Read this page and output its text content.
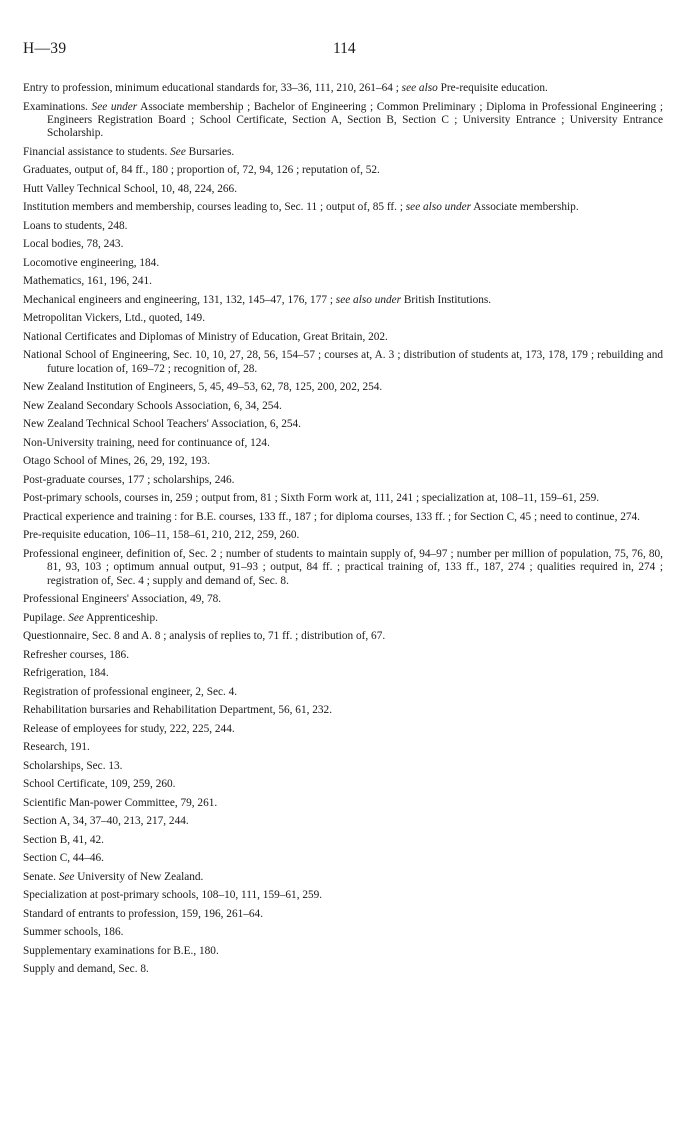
H—39	114

Entry to profession, minimum educational standards for, 33–36, 111, 210, 261–64 ; see also Pre-requisite education.

Examinations. See under Associate membership ; Bachelor of Engineering ; Common Preliminary ; Diploma in Professional Engineering ; Engineers Registration Board ; School Certificate, Section A, Section B, Section C ; University Entrance ; University Entrance Scholarship.

Financial assistance to students. See Bursaries.

Graduates, output of, 84 ff., 180 ; proportion of, 72, 94, 126 ; reputation of, 52.

Hutt Valley Technical School, 10, 48, 224, 266.

Institution members and membership, courses leading to, Sec. 11 ; output of, 85 ff. ; see also under Associate membership.

Loans to students, 248.

Local bodies, 78, 243.

Locomotive engineering, 184.

Mathematics, 161, 196, 241.

Mechanical engineers and engineering, 131, 132, 145–47, 176, 177 ; see also under British Institutions.

Metropolitan Vickers, Ltd., quoted, 149.

National Certificates and Diplomas of Ministry of Education, Great Britain, 202.

National School of Engineering, Sec. 10, 10, 27, 28, 56, 154–57 ; courses at, A. 3 ; distribution of students at, 173, 178, 179 ; rebuilding and future location of, 169–72 ; recognition of, 28.

New Zealand Institution of Engineers, 5, 45, 49–53, 62, 78, 125, 200, 202, 254.

New Zealand Secondary Schools Association, 6, 34, 254.

New Zealand Technical School Teachers' Association, 6, 254.

Non-University training, need for continuance of, 124.

Otago School of Mines, 26, 29, 192, 193.

Post-graduate courses, 177 ; scholarships, 246.

Post-primary schools, courses in, 259 ; output from, 81 ; Sixth Form work at, 111, 241 ; specialization at, 108–11, 159–61, 259.

Practical experience and training : for B.E. courses, 133 ff., 187 ; for diploma courses, 133 ff. ; for Section C, 45 ; need to continue, 274.

Pre-requisite education, 106–11, 158–61, 210, 212, 259, 260.

Professional engineer, definition of, Sec. 2 ; number of students to maintain supply of, 94–97 ; number per million of population, 75, 76, 80, 81, 93, 103 ; optimum annual output, 91–93 ; output, 84 ff. ; practical training of, 133 ff., 187, 274 ; qualities required in, 274 ; registration of, Sec. 4 ; supply and demand of, Sec. 8.

Professional Engineers' Association, 49, 78.

Pupilage. See Apprenticeship.

Questionnaire, Sec. 8 and A. 8 ; analysis of replies to, 71 ff. ; distribution of, 67.

Refresher courses, 186.

Refrigeration, 184.

Registration of professional engineer, 2, Sec. 4.

Rehabilitation bursaries and Rehabilitation Department, 56, 61, 232.

Release of employees for study, 222, 225, 244.

Research, 191.

Scholarships, Sec. 13.

School Certificate, 109, 259, 260.

Scientific Man-power Committee, 79, 261.

Section A, 34, 37–40, 213, 217, 244.

Section B, 41, 42.

Section C, 44–46.

Senate. See University of New Zealand.

Specialization at post-primary schools, 108–10, 111, 159–61, 259.

Standard of entrants to profession, 159, 196, 261–64.

Summer schools, 186.

Supplementary examinations for B.E., 180.

Supply and demand, Sec. 8.
